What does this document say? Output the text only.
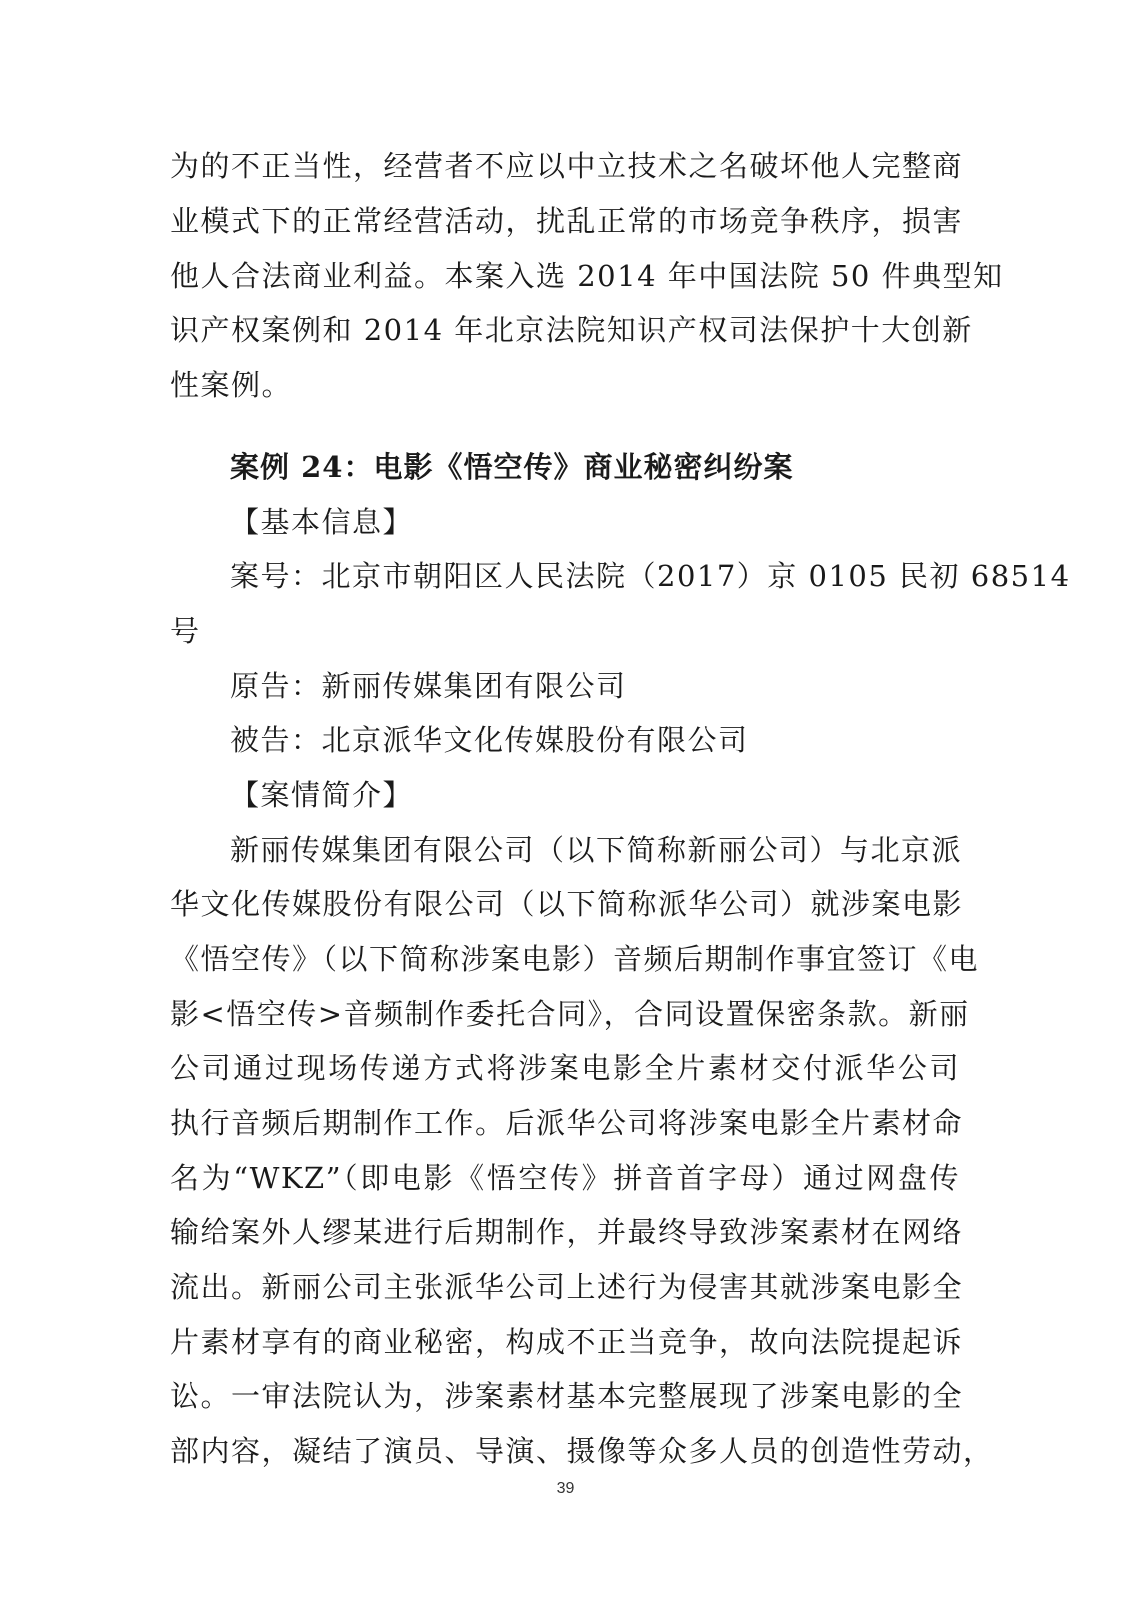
为的不正当性，经营者不应以中立技术之名破坏他人完整商
业模式下的正常经营活动，扰乱正常的市场竞争秩序，损害
他人合法商业利益。本案入选 2014 年中国法院 50 件典型知
识产权案例和 2014 年北京法院知识产权司法保护十大创新
性案例。
案例 24：电影《悟空传》商业秘密纠纷案
【基本信息】
案号：北京市朝阳区人民法院（2017）京 0105 民初 68514
号
原告：新丽传媒集团有限公司
被告：北京派华文化传媒股份有限公司
【案情简介】
新丽传媒集团有限公司（以下简称新丽公司）与北京派
华文化传媒股份有限公司（以下简称派华公司）就涉案电影
《悟空传》（以下简称涉案电影）音频后期制作事宜签订《电
影<悟空传>音频制作委托合同》，合同设置保密条款。新丽
公司通过现场传递方式将涉案电影全片素材交付派华公司
执行音频后期制作工作。后派华公司将涉案电影全片素材命
名为“WKZ”（即电影《悟空传》拼音首字母）通过网盘传
输给案外人缪某进行后期制作，并最终导致涉案素材在网络
流出。新丽公司主张派华公司上述行为侵害其就涉案电影全
片素材享有的商业秘密，构成不正当竞争，故向法院提起诉
讼。一审法院认为，涉案素材基本完整展现了涉案电影的全
部内容，凝结了演员、导演、摄像等众多人员的创造性劳动，
39
